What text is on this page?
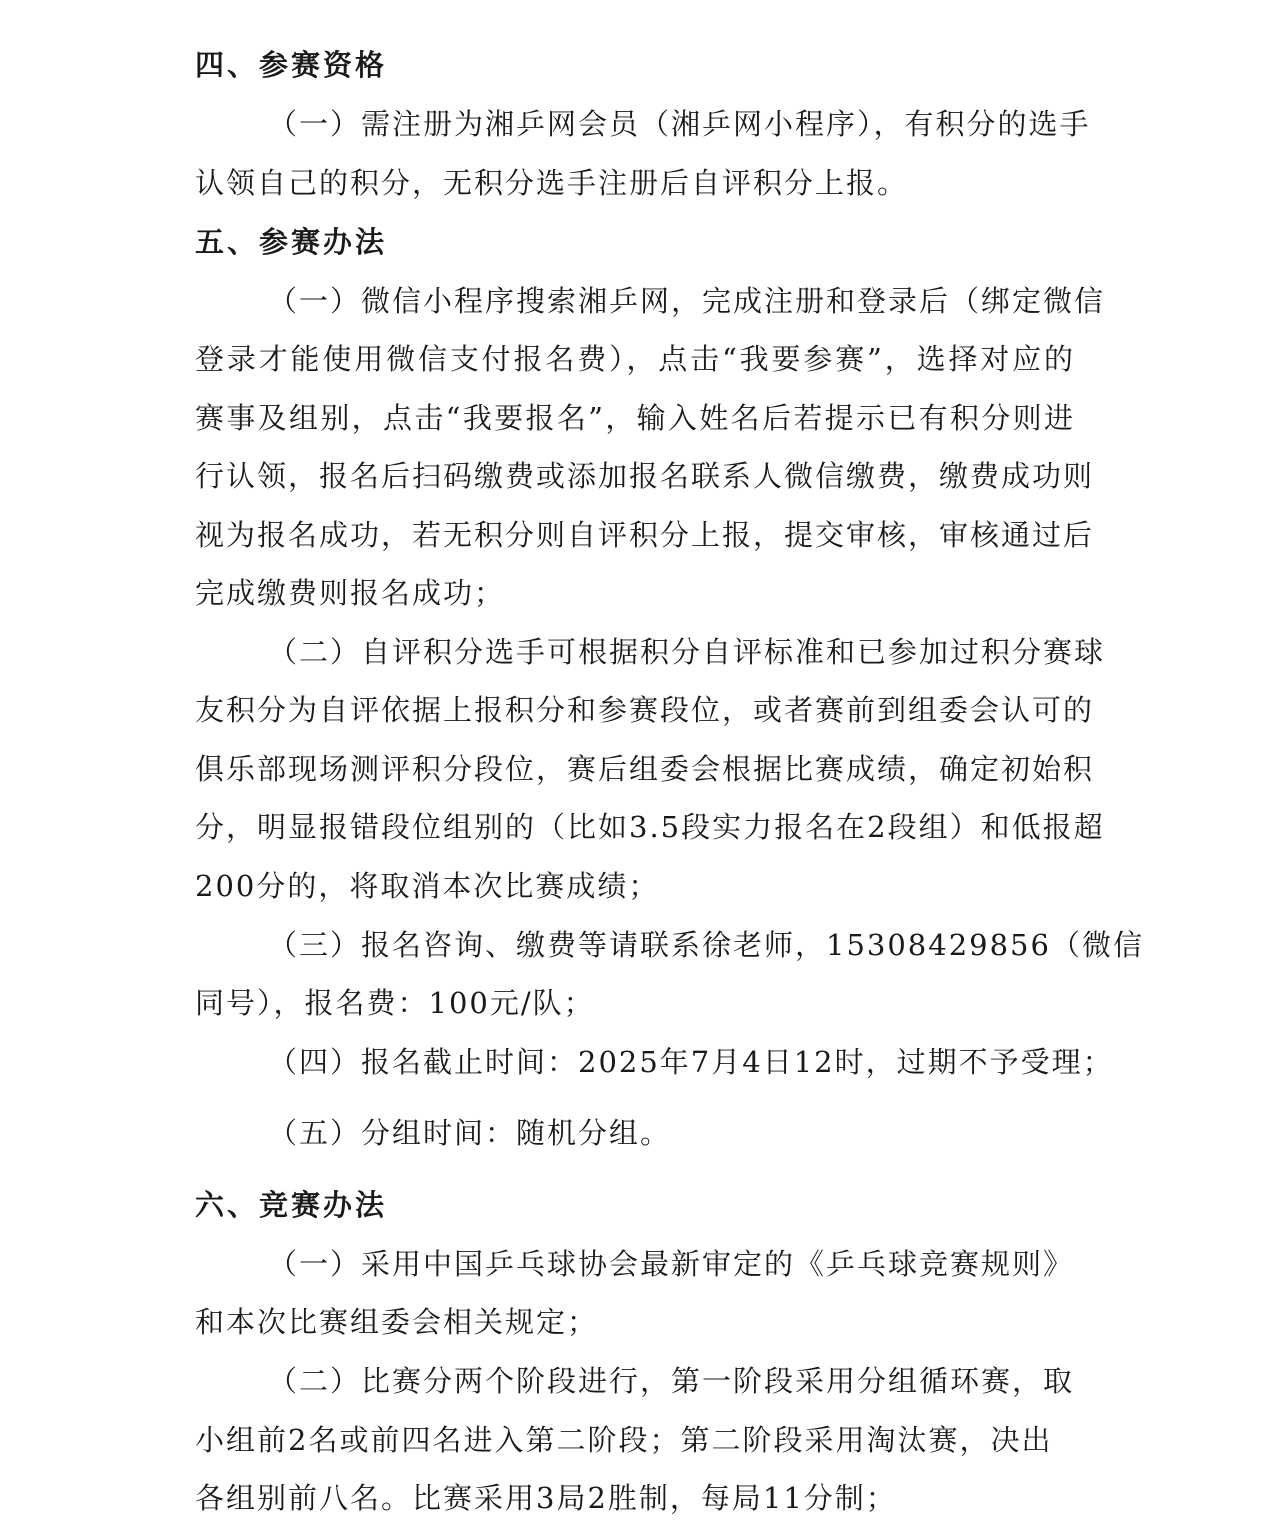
四、参赛资格
（一）需注册为湘乒网会员（湘乒网小程序），有积分的选手
认领自己的积分，无积分选手注册后自评积分上报。
五、参赛办法
（一）微信小程序搜索湘乒网，完成注册和登录后（绑定微信
登录才能使用微信支付报名费），点击“我要参赛”，选择对应的
赛事及组别，点击“我要报名”，输入姓名后若提示已有积分则进
行认领，报名后扫码缴费或添加报名联系人微信缴费，缴费成功则
视为报名成功，若无积分则自评积分上报，提交审核，审核通过后
完成缴费则报名成功；
（二）自评积分选手可根据积分自评标准和已参加过积分赛球
友积分为自评依据上报积分和参赛段位，或者赛前到组委会认可的
俱乐部现场测评积分段位，赛后组委会根据比赛成绩，确定初始积
分，明显报错段位组别的（比如3.5段实力报名在2段组）和低报超
200分的，将取消本次比赛成绩；
（三）报名咨询、缴费等请联系徐老师，15308429856（微信
同号），报名费：100元/队；
（四）报名截止时间：2025年7月4日12时，过期不予受理；
（五）分组时间：随机分组。
六、竞赛办法
（一）采用中国乒乓球协会最新审定的《乒乓球竞赛规则》
和本次比赛组委会相关规定；
（二）比赛分两个阶段进行，第一阶段采用分组循环赛，取
小组前2名或前四名进入第二阶段；第二阶段采用淘汰赛，决出
各组别前八名。比赛采用3局2胜制，每局11分制；
